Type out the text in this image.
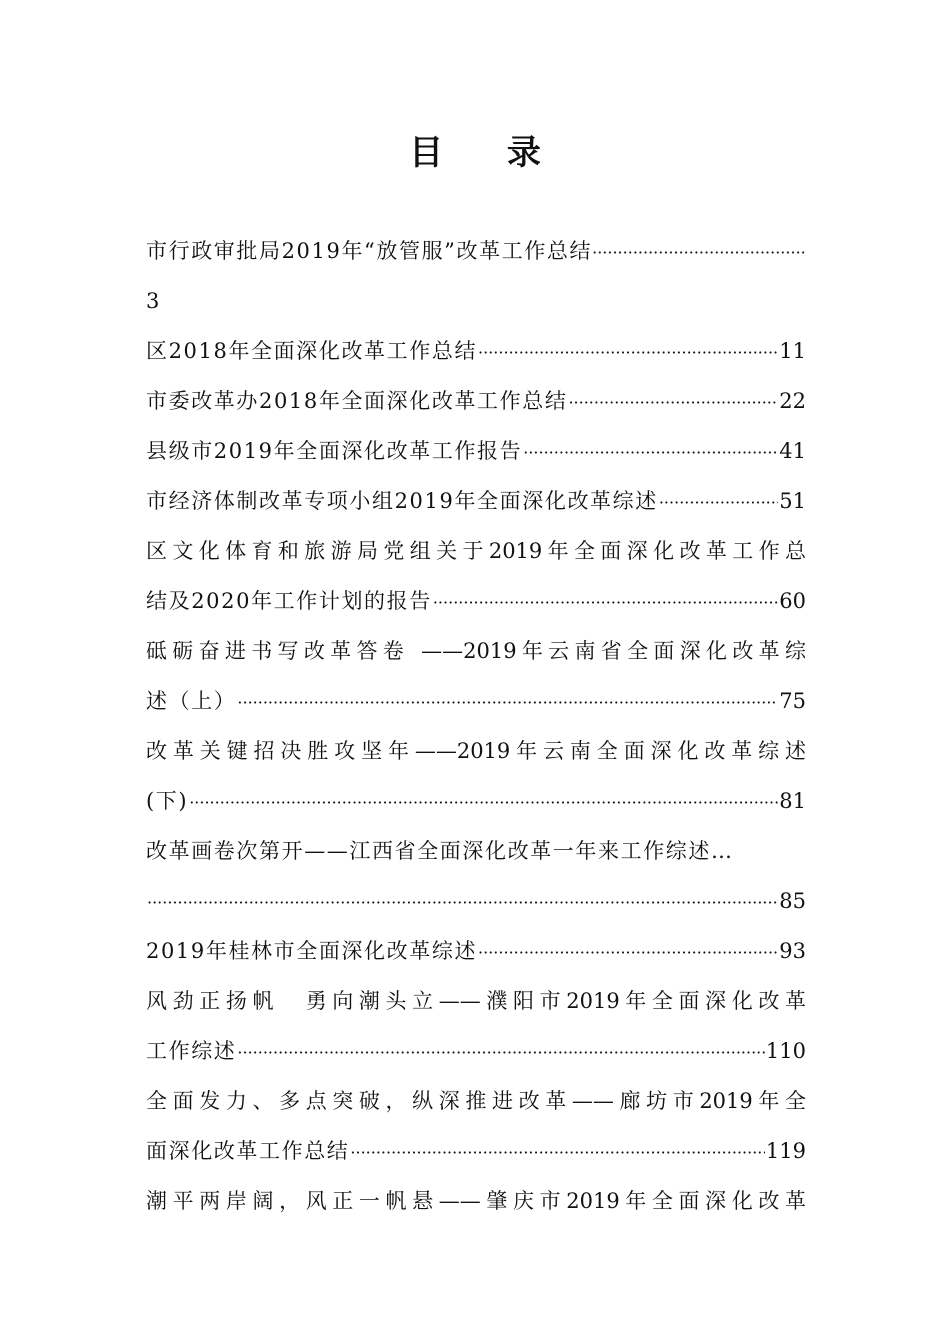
目 录
市行政审批局2019年“放管服”改革工作总结
·····
3
区2018年全面深化改革工作总结 ·····	11
市委改革办2018年全面深化改革工作总结 ·····	22
县级市2019年全面深化改革工作报告 ·····	41
市经济体制改革专项小组2019年全面深化改革综述 ·····	51
区文化体育和旅游局党组关于2019年全面深化改革工作总
结及2020年工作计划的报告 ·····	60
砥砺奋进书写改革答卷 ——2019年云南省全面深化改革综
述（上） ·····	75
改革关键招决胜攻坚年——2019年云南全面深化改革综述
(下) ·····	81
改革画卷次第开——江西省全面深化改革一年来工作综述…
·····
85
2019年桂林市全面深化改革综述 ·····	93
风劲正扬帆　勇向潮头立——濮阳市2019年全面深化改革
工作综述 ·····	110
全面发力、多点突破，纵深推进改革——廊坊市2019年全
面深化改革工作总结 ·····	119
潮平两岸阔，风正一帆悬——肇庆市2019年全面深化改革
